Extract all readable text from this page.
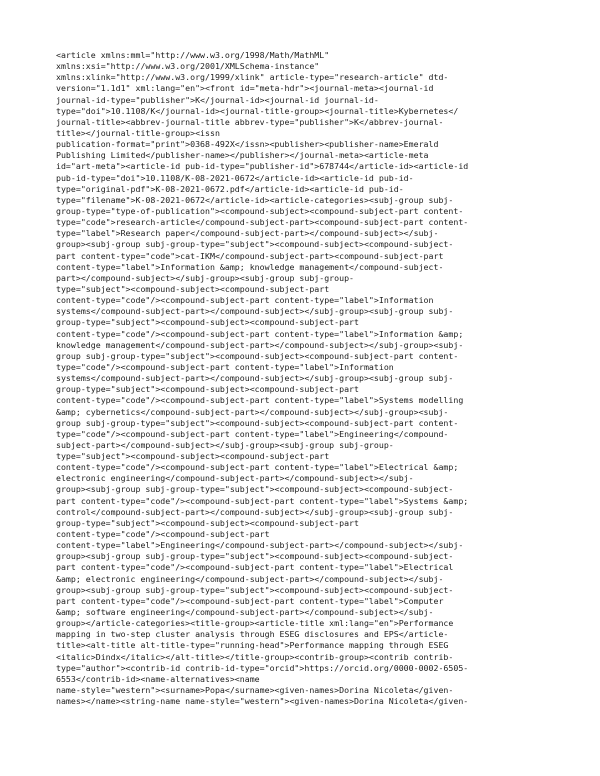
<article xmlns:mml="http://www.w3.org/1998/Math/MathML"
xmlns:xsi="http://www.w3.org/2001/XMLSchema-instance"
xmlns:xlink="http://www.w3.org/1999/xlink" article-type="research-article" dtd-
version="1.1d1" xml:lang="en"><front id="meta-hdr"><journal-meta><journal-id
journal-id-type="publisher">K</journal-id><journal-id journal-id-
type="doi">10.1108/K</journal-id><journal-title-group><journal-title>Kybernetes</
journal-title><abbrev-journal-title abbrev-type="publisher">K</abbrev-journal-
title></journal-title-group><issn
publication-format="print">0368-492X</issn><publisher><publisher-name>Emerald
Publishing Limited</publisher-name></publisher></journal-meta><article-meta
id="art-meta"><article-id pub-id-type="publisher-id">678744</article-id><article-id
pub-id-type="doi">10.1108/K-08-2021-0672</article-id><article-id pub-id-
type="original-pdf">K-08-2021-0672.pdf</article-id><article-id pub-id-
type="filename">K-08-2021-0672</article-id><article-categories><subj-group subj-
group-type="type-of-publication"><compound-subject><compound-subject-part content-
type="code">research-article</compound-subject-part><compound-subject-part content-
type="label">Research paper</compound-subject-part></compound-subject></subj-
group><subj-group subj-group-type="subject"><compound-subject><compound-subject-
part content-type="code">cat-IKM</compound-subject-part><compound-subject-part
content-type="label">Information &amp; knowledge management</compound-subject-
part></compound-subject></subj-group><subj-group subj-group-
type="subject"><compound-subject><compound-subject-part
content-type="code"/><compound-subject-part content-type="label">Information
systems</compound-subject-part></compound-subject></subj-group><subj-group subj-
group-type="subject"><compound-subject><compound-subject-part
content-type="code"/><compound-subject-part content-type="label">Information &amp;
knowledge management</compound-subject-part></compound-subject></subj-group><subj-
group subj-group-type="subject"><compound-subject><compound-subject-part content-
type="code"/><compound-subject-part content-type="label">Information
systems</compound-subject-part></compound-subject></subj-group><subj-group subj-
group-type="subject"><compound-subject><compound-subject-part
content-type="code"/><compound-subject-part content-type="label">Systems modelling
&amp; cybernetics</compound-subject-part></compound-subject></subj-group><subj-
group subj-group-type="subject"><compound-subject><compound-subject-part content-
type="code"/><compound-subject-part content-type="label">Engineering</compound-
subject-part></compound-subject></subj-group><subj-group subj-group-
type="subject"><compound-subject><compound-subject-part
content-type="code"/><compound-subject-part content-type="label">Electrical &amp;
electronic engineering</compound-subject-part></compound-subject></subj-
group><subj-group subj-group-type="subject"><compound-subject><compound-subject-
part content-type="code"/><compound-subject-part content-type="label">Systems &amp;
control</compound-subject-part></compound-subject></subj-group><subj-group subj-
group-type="subject"><compound-subject><compound-subject-part
content-type="code"/><compound-subject-part
content-type="label">Engineering</compound-subject-part></compound-subject></subj-
group><subj-group subj-group-type="subject"><compound-subject><compound-subject-
part content-type="code"/><compound-subject-part content-type="label">Electrical
&amp; electronic engineering</compound-subject-part></compound-subject></subj-
group><subj-group subj-group-type="subject"><compound-subject><compound-subject-
part content-type="code"/><compound-subject-part content-type="label">Computer
&amp; software engineering</compound-subject-part></compound-subject></subj-
group></article-categories><title-group><article-title xml:lang="en">Performance
mapping in two-step cluster analysis through ESEG disclosures and EPS</article-
title><alt-title alt-title-type="running-head">Performance mapping through ESEG
<italic>Dindx</italic></alt-title></title-group><contrib-group><contrib contrib-
type="author"><contrib-id contrib-id-type="orcid">https://orcid.org/0000-0002-6505-
6553</contrib-id><name-alternatives><name
name-style="western"><surname>Popa</surname><given-names>Dorina Nicoleta</given-
names></name><string-name name-style="western"><given-names>Dorina Nicoleta</given-
